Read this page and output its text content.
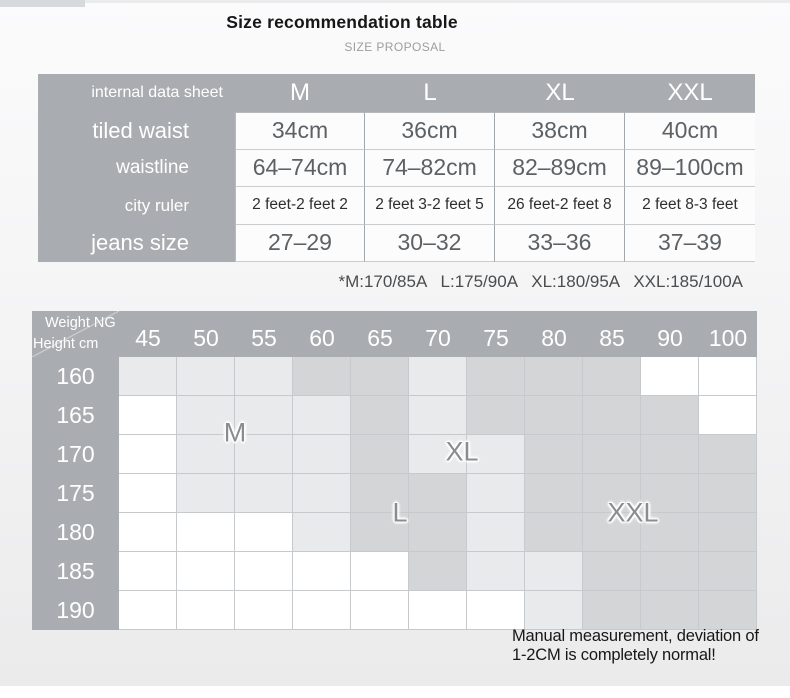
Size recommendation table
SIZE PROPOSAL
internal data sheet	M	L	XL	XXL
tiled waist	34cm	36cm	38cm	40cm
waistline	64–74cm	74–82cm	82–89cm	89–100cm
city ruler	2 feet-2 feet 2	2 feet 3-2 feet 5	26 feet-2 feet 8	2 feet 8-3 feet
jeans size	27–29	30–32	33–36	37–39
*M:170/85A   L:175/90A   XL:180/95A   XXL:185/100A
Weight NG
Height cm
M
XL
L	XXL
45	50	55	60	65	70	75	80	85	90	100
160
165
170
175
180
185
190
Manual measurement, deviation of
1-2CM is completely normal!
